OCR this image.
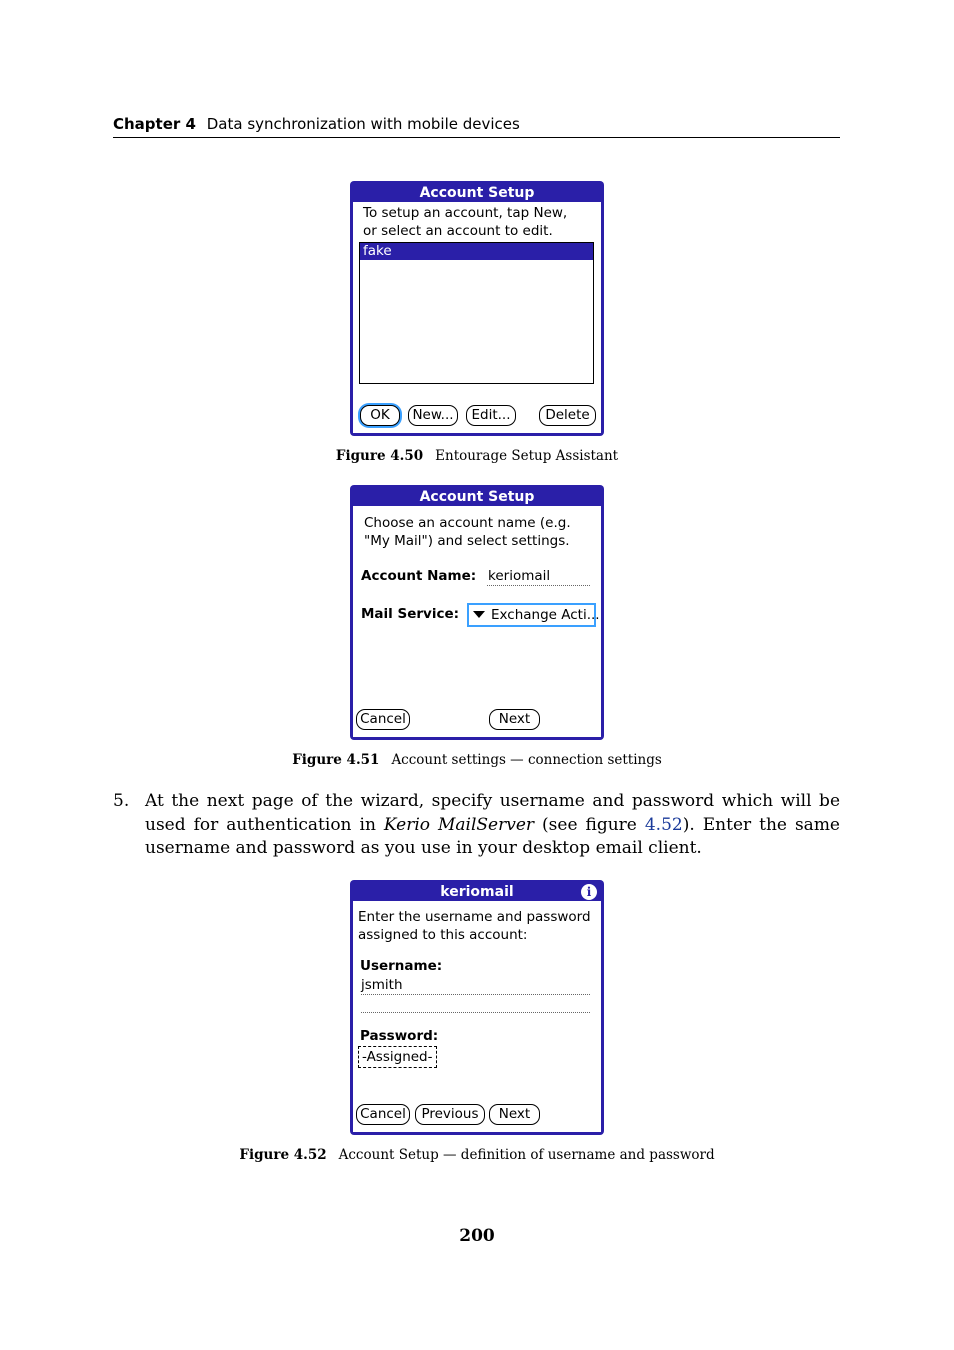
Chapter 4 Data synchronization with mobile devices
Account Setup
To setup an account, tap New,
or select an account to edit.
fake
OK	New...	Edit...	Delete
Figure 4.50 Entourage Setup Assistant
Account Setup
Choose an account name (e.g.
"My Mail") and select settings.
Account Name: keriomail
Mail Service:	Exchange Acti...
Cancel	Next
Figure 4.51 Account settings — connection settings
5. At the next page of the wizard, specify username and password which will be used for authentication in Kerio MailServer (see figure 4.52). Enter the same username and password as you use in your desktop email client.
keriomail	i
Enter the username and password
assigned to this account:
Username:
jsmith
Password:
-Assigned-
Cancel	Previous	Next
Figure 4.52 Account Setup — definition of username and password
200
